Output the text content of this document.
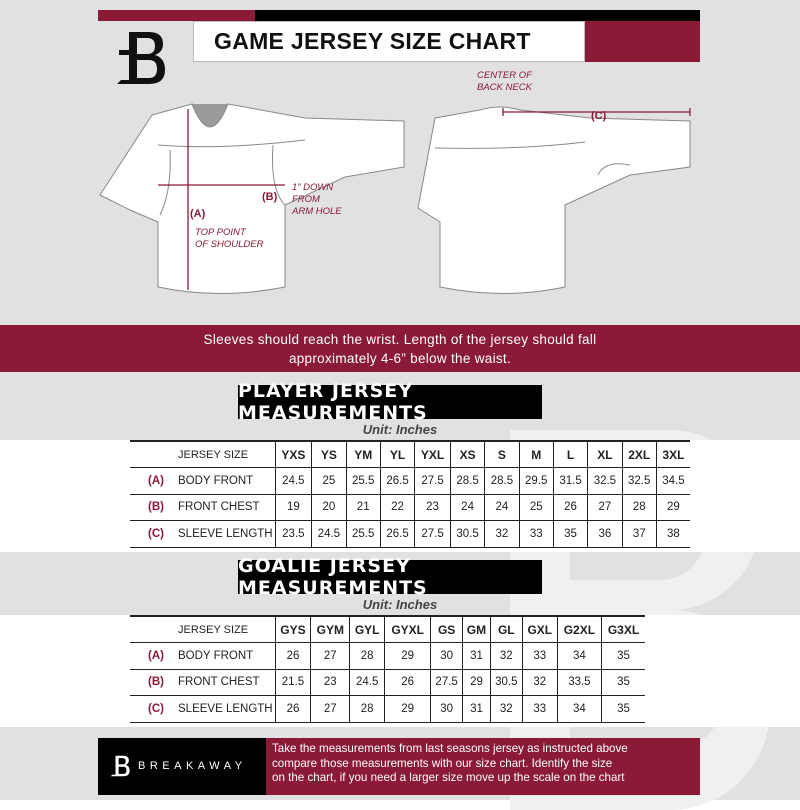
GAME JERSEY SIZE CHART
(A)
TOP POINT
OF SHOULDER
(B)
1” DOWN
FROM
ARM HOLE
(C)
CENTER OF
BACK NECK
Sleeves should reach the wrist. Length of the jersey should fall
approximately 4-6” below the waist.
PLAYER JERSEY MEASUREMENTS
Unit: Inches
JERSEY SIZE	YXS	YS	YM	YL	YXL	XS	S	M	L	XL	2XL	3XL
(A) BODY FRONT	24.5	25	25.5	26.5	27.5	28.5	28.5	29.5	31.5	32.5	32.5	34.5
(B) FRONT CHEST	19	20	21	22	23	24	24	25	26	27	28	29
(C) SLEEVE LENGTH	23.5	24.5	25.5	26.5	27.5	30.5	32	33	35	36	37	38
GOALIE JERSEY MEASUREMENTS
Unit: Inches
JERSEY SIZE	GYS	GYM	GYL	GYXL	GS	GM	GL	GXL	G2XL	G3XL
(A) BODY FRONT	26	27	28	29	30	31	32	33	34	35
(B) FRONT CHEST	21.5	23	24.5	26	27.5	29	30.5	32	33.5	35
(C) SLEEVE LENGTH	26	27	28	29	30	31	32	33	34	35
BREAKAWAY
Take the measurements from last seasons jersey as instructed above
compare those measurements with our size chart. Identify the size
on the chart, if you need a larger size move up the scale on the chart
